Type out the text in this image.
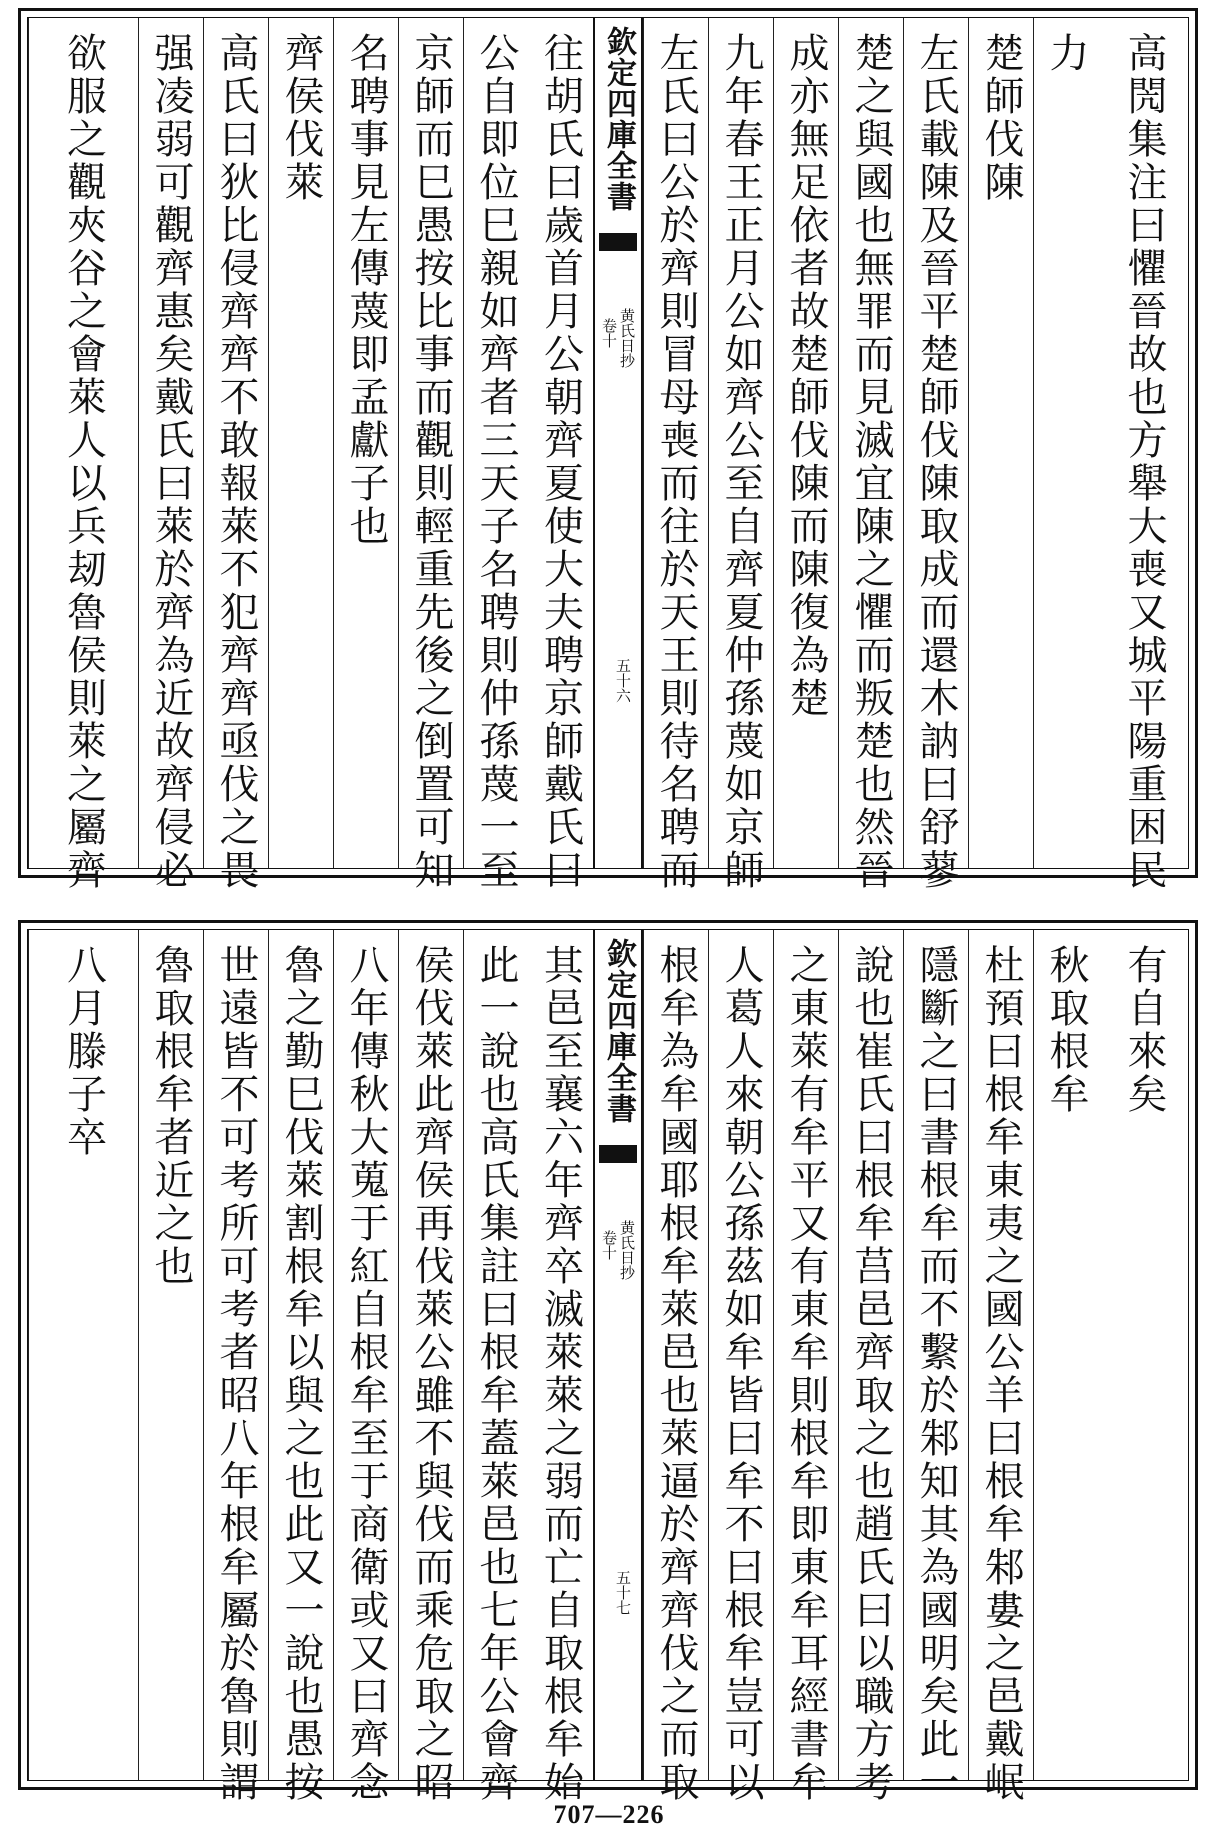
高閌集注曰懼晉故也方舉大喪又城平陽重困民
力
楚師伐陳
左氏載陳及晉平楚師伐陳取成而還木訥曰舒蓼
楚之與國也無罪而見滅宜陳之懼而叛楚也然晉
成亦無足依者故楚師伐陳而陳復為楚
九年春王正月公如齊公至自齊夏仲孫蔑如京師
左氏曰公於齊則冒母喪而往於天王則待名聘而
欽定四庫全書
黄氏日抄
卷十
五十六
往胡氏曰歲首月公朝齊夏使大夫聘京師戴氏曰
公自即位巳親如齊者三天子名聘則仲孫蔑一至
京師而巳愚按比事而觀則輕重先後之倒置可知
名聘事見左傳蔑即孟獻子也
齊侯伐萊
高氏曰狄比侵齊齊不敢報萊不犯齊齊亟伐之畏
强凌弱可觀齊惠矣戴氏曰萊於齊為近故齊侵必
欲服之觀夾谷之會萊人以兵刼魯侯則萊之屬齊
有自來矣
秋取根牟
杜預曰根牟東夷之國公羊曰根牟邾婁之邑戴岷
隱斷之曰書根牟而不繫於邾知其為國明矣此一
說也崔氏曰根牟莒邑齊取之也趙氏曰以職方考
之東萊有牟平又有東牟則根牟即東牟耳經書牟
人葛人來朝公孫茲如牟皆曰牟不曰根牟豈可以
根牟為牟國耶根牟萊邑也萊逼於齊齊伐之而取
欽定四庫全書
黄氏日抄
卷十
五十七
其邑至襄六年齊卒滅萊萊之弱而亡自取根牟始
此一說也高氏集註曰根牟蓋萊邑也七年公會齊
侯伐萊此齊侯再伐萊公雖不與伐而乘危取之昭
八年傳秋大蒐于紅自根牟至于商衛或又曰齊念
魯之勤巳伐萊割根牟以與之也此又一說也愚按
世遠皆不可考所可考者昭八年根牟屬於魯則謂
魯取根牟者近之也
八月滕子卒
707—226
